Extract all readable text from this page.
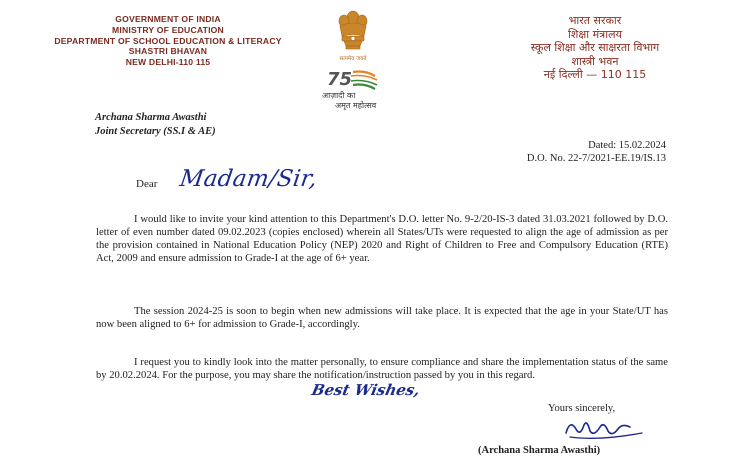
GOVERNMENT OF INDIA
MINISTRY OF EDUCATION
DEPARTMENT OF SCHOOL EDUCATION & LITERACY
SHASTRI BHAVAN
NEW DELHI-110 115	सत्यमेव जयते
75
आज़ादी का
अमृत महोत्सव
भारत सरकार
शिक्षा मंत्रालय
स्कूल शिक्षा और साक्षरता विभाग
शास्त्री भवन
नई दिल्ली — 110 115
Archana Sharma Awasthi
Joint Secretary (SS.I & AE)
Dated: 15.02.2024
D.O. No. 22-7/2021-EE.19/IS.13
Dear Madam/Sir,
I would like to invite your kind attention to this Department's D.O. letter No. 9-2/20-IS-3 dated 31.03.2021 followed by D.O. letter of even number dated 09.02.2023 (copies enclosed) wherein all States/UTs were requested to align the age of admission as per the provision contained in National Education Policy (NEP) 2020 and Right of Children to Free and Compulsory Education (RTE) Act, 2009 and ensure admission to Grade-I at the age of 6+ year.
The session 2024-25 is soon to begin when new admissions will take place. It is expected that the age in your State/UT has now been aligned to 6+ for admission to Grade-I, accordingly.
I request you to kindly look into the matter personally, to ensure compliance and share the implementation status of the same by 20.02.2024. For the purpose, you may share the notification/instruction passed by you in this regard.
Best Wishes,
Yours sincerely,
(Archana Sharma Awasthi)
